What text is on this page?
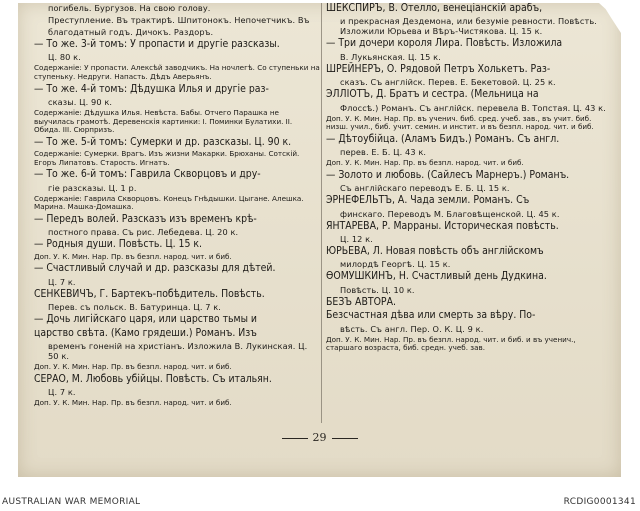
погибель. Бургузов. На свою голову.
Преступление. Въ трактирѣ. Шпитонокъ. Непочетчикъ. Въ
благодатный годъ. Дичокъ. Раздоръ.
— То же. 3-й томъ: У пропасти и другіе разсказы.
Ц. 80 к.
Содержаніе: У пропасти. Алексѣй заводчикъ. На ночлегѣ. Со ступеньки на ступеньку. Недруги. Напасть. Дѣдъ Аверьянъ.
— То же. 4-й томъ: Дѣдушка Илья и другіе раз-
сказы. Ц. 90 к.
Содержаніе: Дѣдушка Илья. Невѣста. Бабы. Отчего Парашка не выучилась грамотѣ. Деревенскія картинки: І. Поминки Булатихи. ІІ. Обида. ІІІ. Сюрпризъ.
— То же. 5-й томъ: Сумерки и др. разсказы. Ц. 90 к.
Содержаніе: Сумерки. Врагъ. Изъ жизни Макарки. Брюханы. Сотскій. Егоръ Липатовъ. Старость. Игнатъ.
— То же. 6-й томъ: Гаврила Скворцовъ и дру-
гіе разсказы. Ц. 1 р.
Содержаніе: Гаврила Скворцовъ. Конецъ Гнѣдышки. Цыгане. Алешка. Марина. Машка-Домашка.
— Передъ волей. Разсказъ изъ временъ крѣ-
постного права. Съ рис. Лебедева. Ц. 20 к.
— Родныя души. Повѣсть. Ц. 15 к.
Доп. У. К. Мин. Нар. Пр. въ безпл. народ. чит. и биб.
— Счастливый случай и др. разсказы для дѣтей.
Ц. 7 к.
СЕНКЕВИЧЪ, Г. Бартекъ-побѣдитель. Повѣсть.
Перев. съ польск. В. Батуринца. Ц. 7 к.
— Дочь лигійскаго царя, или царство тьмы и
царство свѣта. (Камо грядеши.) Романъ. Изъ
временъ гоненій на христіанъ. Изложила В. Лукинская. Ц. 50 к.
Доп. У. К. Мин. Нар. Пр. въ безпл. народ. чит. и биб.
СЕРАО, М. Любовь убійцы. Повѣсть. Съ итальян.
Ц. 7 к.
Доп. У. К. Мин. Нар. Пр. въ безпл. народ. чит. и биб.
ШЕКСПИРЪ, В. Отелло, венеціанскій арабъ,
и прекрасная Дездемона, или безуміе ревности. Повѣсть. Изложили Юрьева и Вѣръ-Чистякова. Ц. 15 к.
— Три дочери короля Лира. Повѣсть. Изложила
В. Лукьянская. Ц. 15 к.
ШРЕЙНЕРЪ, О. Рядовой Петръ Холькетъ. Раз-
сказъ. Съ англійск. Перев. Е. Бекетовой. Ц. 25 к.
ЭЛЛІОТЪ, Д. Братъ и сестра. (Мельница на
Флоссѣ.) Романъ. Съ англійск. перевела В. Топстая. Ц. 43 к.
Доп. У. К. Мин. Нар. Пр. въ ученич. биб. сред. учеб. зав., въ учит. биб. низш. учил., биб. учит. семин. и инстит. и въ безпл. народ. чит. и биб.
— Дѣтоубійца. (Аламъ Бидъ.) Романъ. Съ англ.
перев. Е. Б. Ц. 43 к.
Доп. У. К. Мин. Нар. Пр. въ безпл. народ. чит. и биб.
— Золото и любовь. (Сайлесъ Марнеръ.) Романъ.
Съ англійскаго переводъ Е. Б. Ц. 15 к.
ЭРНЕФЕЛЬТЪ, А. Чада земли. Романъ. Съ
финскаго. Переводъ М. Благовѣщенской. Ц. 45 к.
ЯНТАРЕВА, Р. Марраны. Историческая повѣсть.
Ц. 12 к.
ЮРЬЕВА, Л. Новая повѣсть объ англійскомъ
милордѣ Георгѣ. Ц. 15 к.
ѲОМУШКИНЪ, Н. Счастливый день Дудкина.
Повѣсть. Ц. 10 к.
БЕЗЪ АВТОРА.
Безсчастная дѣва или смерть за вѣру. По-
вѣсть. Съ англ. Пер. О. К. Ц. 9 к.
Доп. У. К. Мин. Нар. Пр. въ безпл. народ. чит. и биб. и въ ученич., старшаго возраста, биб. средн. учеб. зав.
29
AUSTRALIAN WAR MEMORIAL	RCDIG0001341
